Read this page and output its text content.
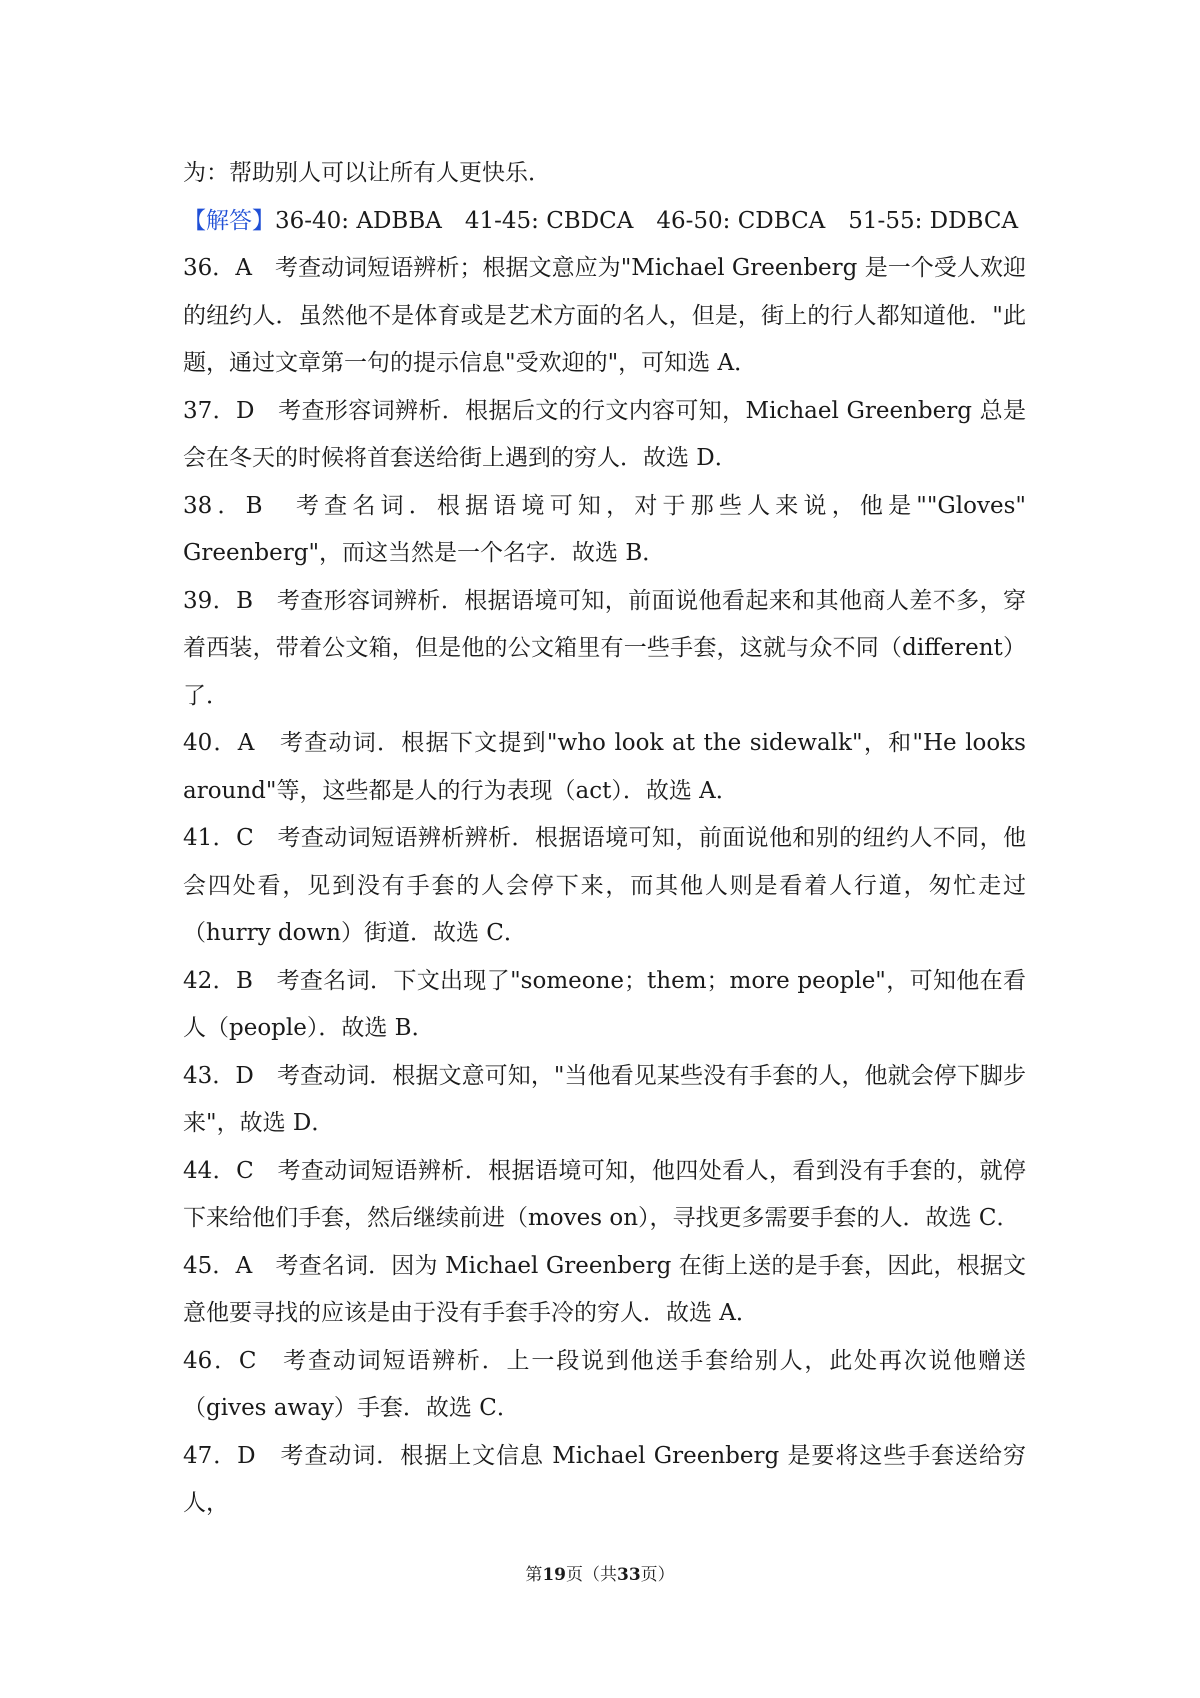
为：帮助别人可以让所有人更快乐．

【解答】36-40: ADBBA　41-45: CBDCA　46-50: CDBCA　51-55: DDBCA

36．A　考查动词短语辨析；根据文意应为"Michael Greenberg 是一个受人欢迎的纽约人．虽然他不是体育或是艺术方面的名人，但是，街上的行人都知道他．"此题，通过文章第一句的提示信息"受欢迎的"，可知选 A．

37．D　考查形容词辨析．根据后文的行文内容可知，Michael Greenberg 总是会在冬天的时候将首套送给街上遇到的穷人．故选 D．

38．B　考查名词．根据语境可知，对于那些人来说，他是""Gloves" Greenberg"，而这当然是一个名字．故选 B．

39．B　考查形容词辨析．根据语境可知，前面说他看起来和其他商人差不多，穿着西装，带着公文箱，但是他的公文箱里有一些手套，这就与众不同（different）了．

40．A　考查动词．根据下文提到"who look at the sidewalk"，和"He looks around"等，这些都是人的行为表现（act）．故选 A．

41．C　考查动词短语辨析辨析．根据语境可知，前面说他和别的纽约人不同，他会四处看，见到没有手套的人会停下来，而其他人则是看着人行道，匆忙走过（hurry down）街道．故选 C．

42．B　考查名词．下文出现了"someone；them；more people"，可知他在看人（people）．故选 B．

43．D　考查动词．根据文意可知，"当他看见某些没有手套的人，他就会停下脚步来"，故选 D．

44．C　考查动词短语辨析．根据语境可知，他四处看人，看到没有手套的，就停下来给他们手套，然后继续前进（moves on），寻找更多需要手套的人．故选 C．

45．A　考查名词．因为 Michael Greenberg 在街上送的是手套，因此，根据文意他要寻找的应该是由于没有手套手冷的穷人．故选 A．

46．C　考查动词短语辨析．上一段说到他送手套给别人，此处再次说他赠送（gives away）手套．故选 C．

47．D　考查动词．根据上文信息 Michael Greenberg 是要将这些手套送给穷人，

第19页（共33页）
